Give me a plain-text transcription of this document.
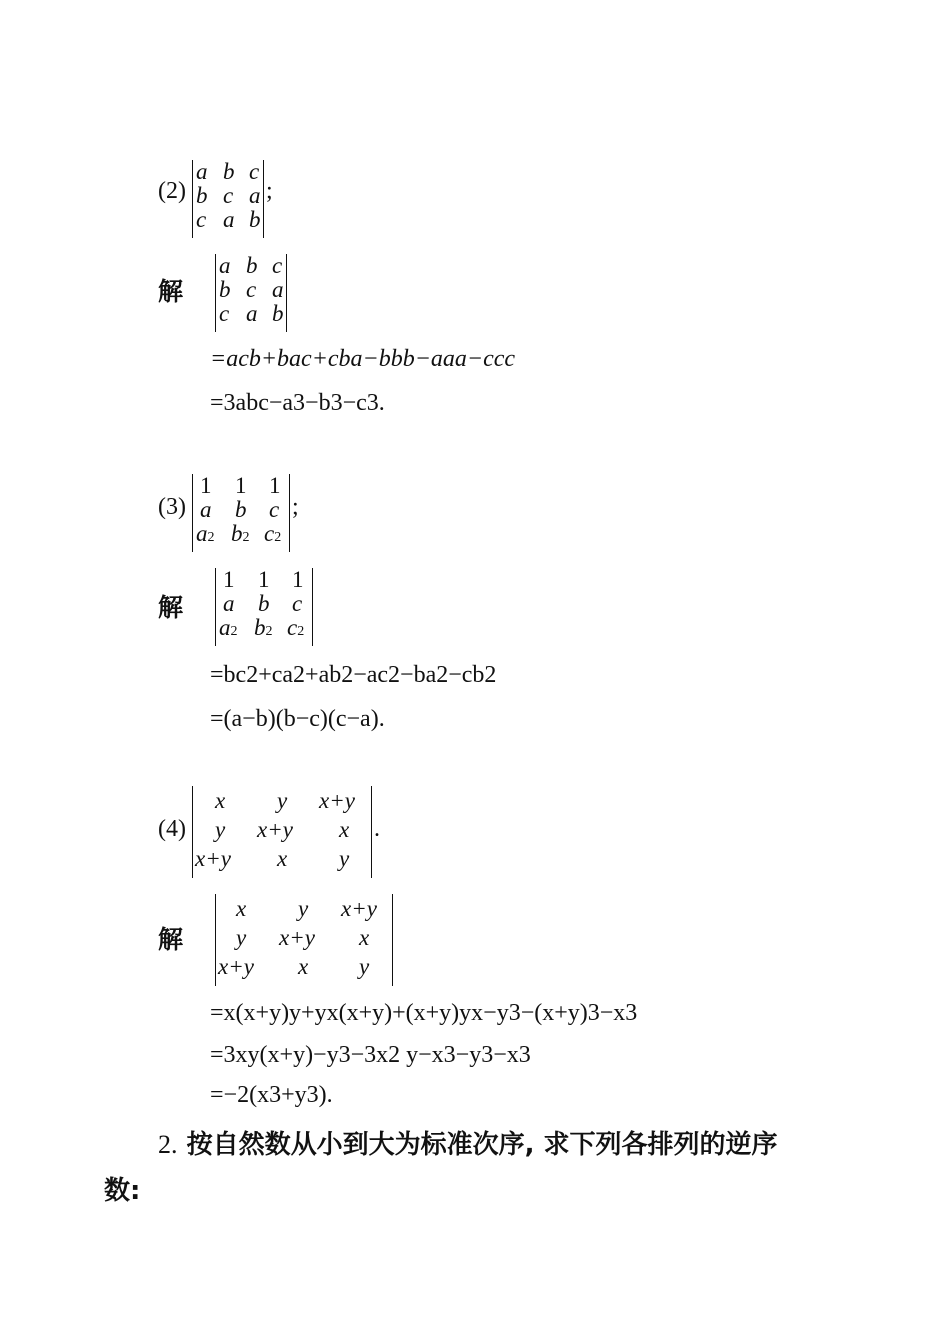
(2)
a b c
b c a
c a b
;
解
a b c
b c a
c a b
=acb+bac+cba−bbb−aaa−ccc
=3abc−a3−b3−c3.
(3)
1 1 1
a b c
a2 b2 c2
;
解
1 1 1
a b c
a2 b2 c2
=bc2+ca2+ab2−ac2−ba2−cb2
=(a−b)(b−c)(c−a).
(4)
x y x+y
y x+y x
x+y x y
.
解
x y x+y
y x+y x
x+y x y
=x(x+y)y+yx(x+y)+(x+y)yx−y3−(x+y)3−x3
=3xy(x+y)−y3−3x2 y−x3−y3−x3
=−2(x3+y3).
2. 按自然数从小到大为标准次序, 求下列各排列的逆序
数:
